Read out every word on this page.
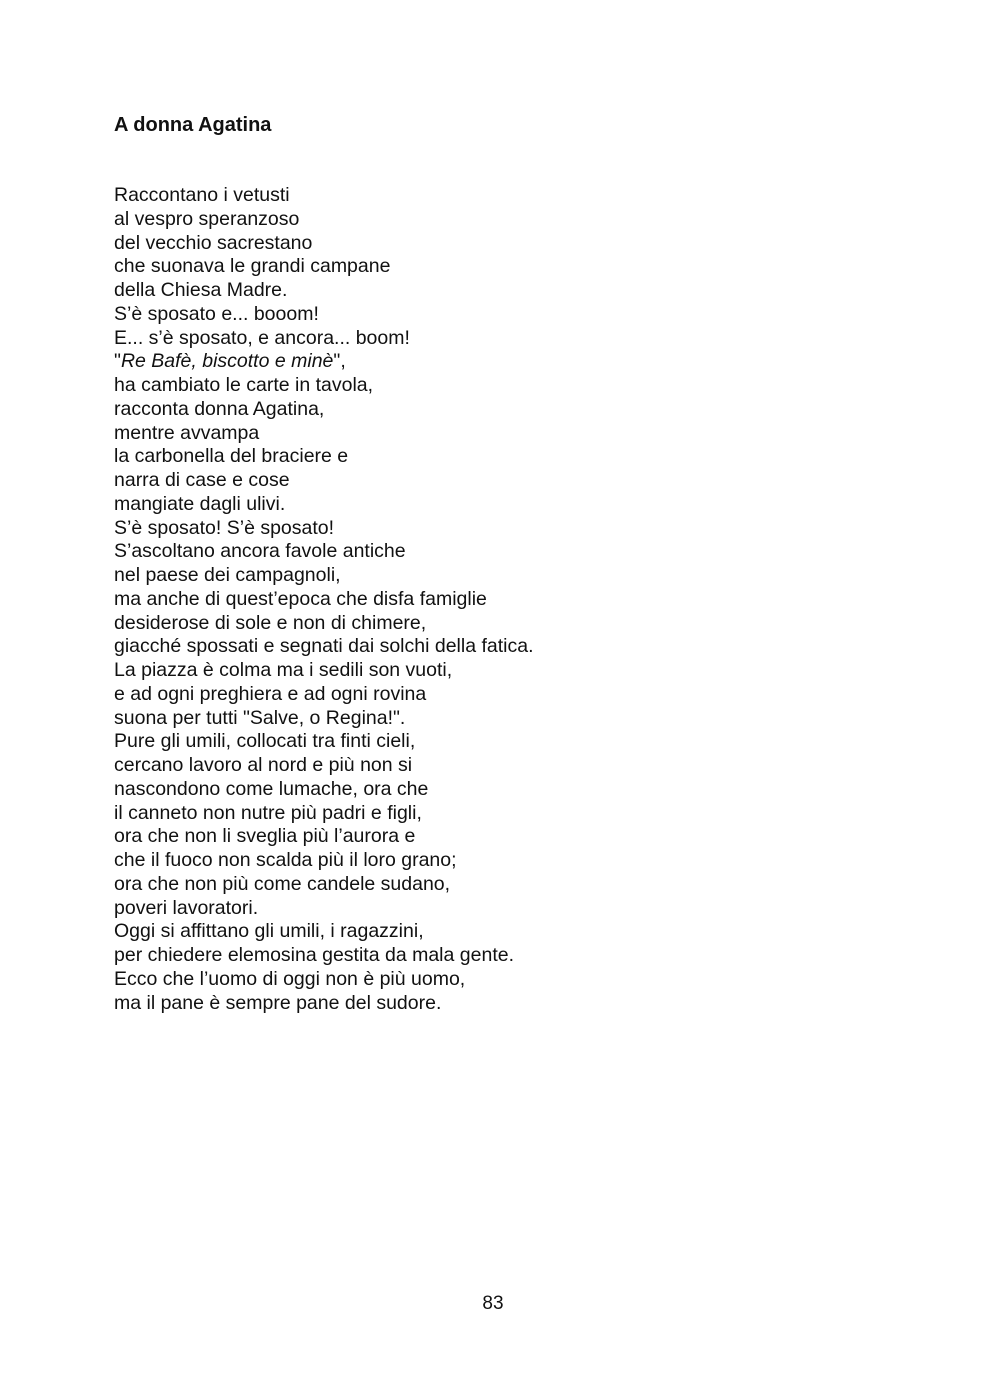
A donna Agatina
Raccontano i vetusti
al vespro speranzoso
del vecchio sacrestano
che suonava le grandi campane
della Chiesa Madre.
S’è sposato e... booom!
E... s’è sposato, e ancora... boom!
"Re Bafè, biscotto e minè",
ha cambiato le carte in tavola,
racconta donna Agatina,
mentre avvampa
la carbonella del braciere e
narra di case e cose
mangiate dagli ulivi.
S’è sposato! S’è sposato!
S’ascoltano ancora favole antiche
nel paese dei campagnoli,
ma anche di quest’epoca che disfa famiglie
desiderose di sole e non di chimere,
giacché spossati e segnati dai solchi della fatica.
La piazza è colma ma i sedili son vuoti,
e ad ogni preghiera e ad ogni rovina
suona per tutti "Salve, o Regina!".
Pure gli umili, collocati tra finti cieli,
cercano lavoro al nord e più non si
nascondono come lumache, ora che
il canneto non nutre più padri e figli,
ora che non li sveglia più l’aurora e
che il fuoco non scalda più il loro grano;
ora che non più come candele sudano,
poveri lavoratori.
Oggi si affittano gli umili, i ragazzini,
per chiedere elemosina gestita da mala gente.
Ecco che l’uomo di oggi non è più uomo,
ma il pane è sempre pane del sudore.
83
